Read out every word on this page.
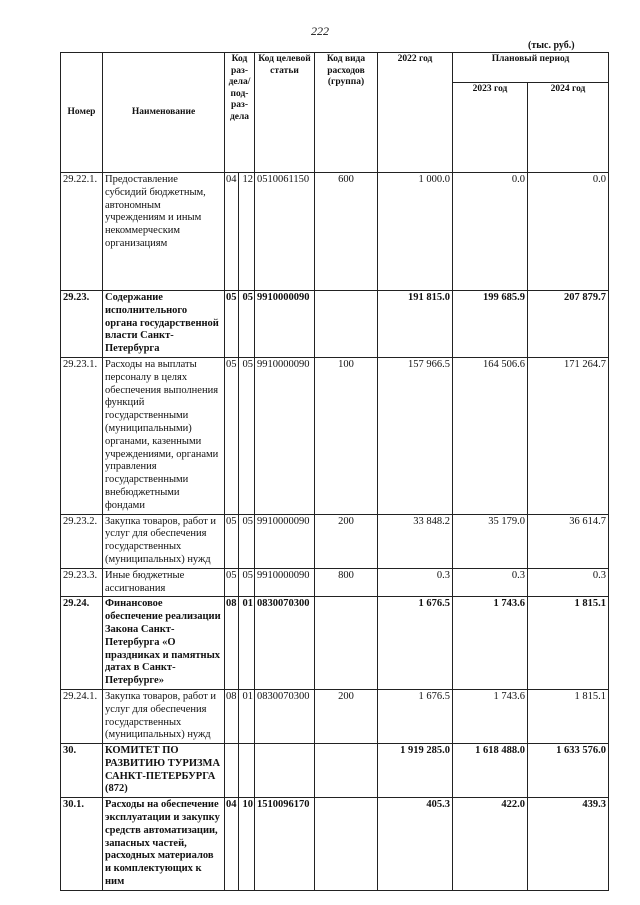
222
(тыс. руб.)
Номер	Наименование	Код раз-дела/ под-раз-дела		Код целевой статьи	Код вида расходов (группа)	2022 год	Плановый период	
							2023 год	2024 год
29.22.1.	Предоставление субсидий бюджетным, автономным учреждениям и иным некоммерческим организациям	04	12	0510061150	600	1 000.0	0.0	0.0
29.23.	Содержание исполнительного органа государственной власти Санкт-Петербурга	05	05	9910000090		191 815.0	199 685.9	207 879.7
29.23.1.	Расходы на выплаты персоналу в целях обеспечения выполнения функций государственными (муниципальными) органами, казенными учреждениями, органами управления государственными внебюджетными фондами	05	05	9910000090	100	157 966.5	164 506.6	171 264.7
29.23.2.	Закупка товаров, работ и услуг для обеспечения государственных (муниципальных) нужд	05	05	9910000090	200	33 848.2	35 179.0	36 614.7
29.23.3.	Иные бюджетные ассигнования	05	05	9910000090	800	0.3	0.3	0.3
29.24.	Финансовое обеспечение реализации Закона Санкт-Петербурга «О праздниках и памятных датах в Санкт-Петербурге»	08	01	0830070300		1 676.5	1 743.6	1 815.1
29.24.1.	Закупка товаров, работ и услуг для обеспечения государственных (муниципальных) нужд	08	01	0830070300	200	1 676.5	1 743.6	1 815.1
30.	КОМИТЕТ ПО РАЗВИТИЮ ТУРИЗМА САНКТ-ПЕТЕРБУРГА (872)					1 919 285.0	1 618 488.0	1 633 576.0
30.1.	Расходы на обеспечение эксплуатации и закупку средств автоматизации, запасных частей, расходных материалов и комплектующих к ним	04	10	1510096170		405.3	422.0	439.3
